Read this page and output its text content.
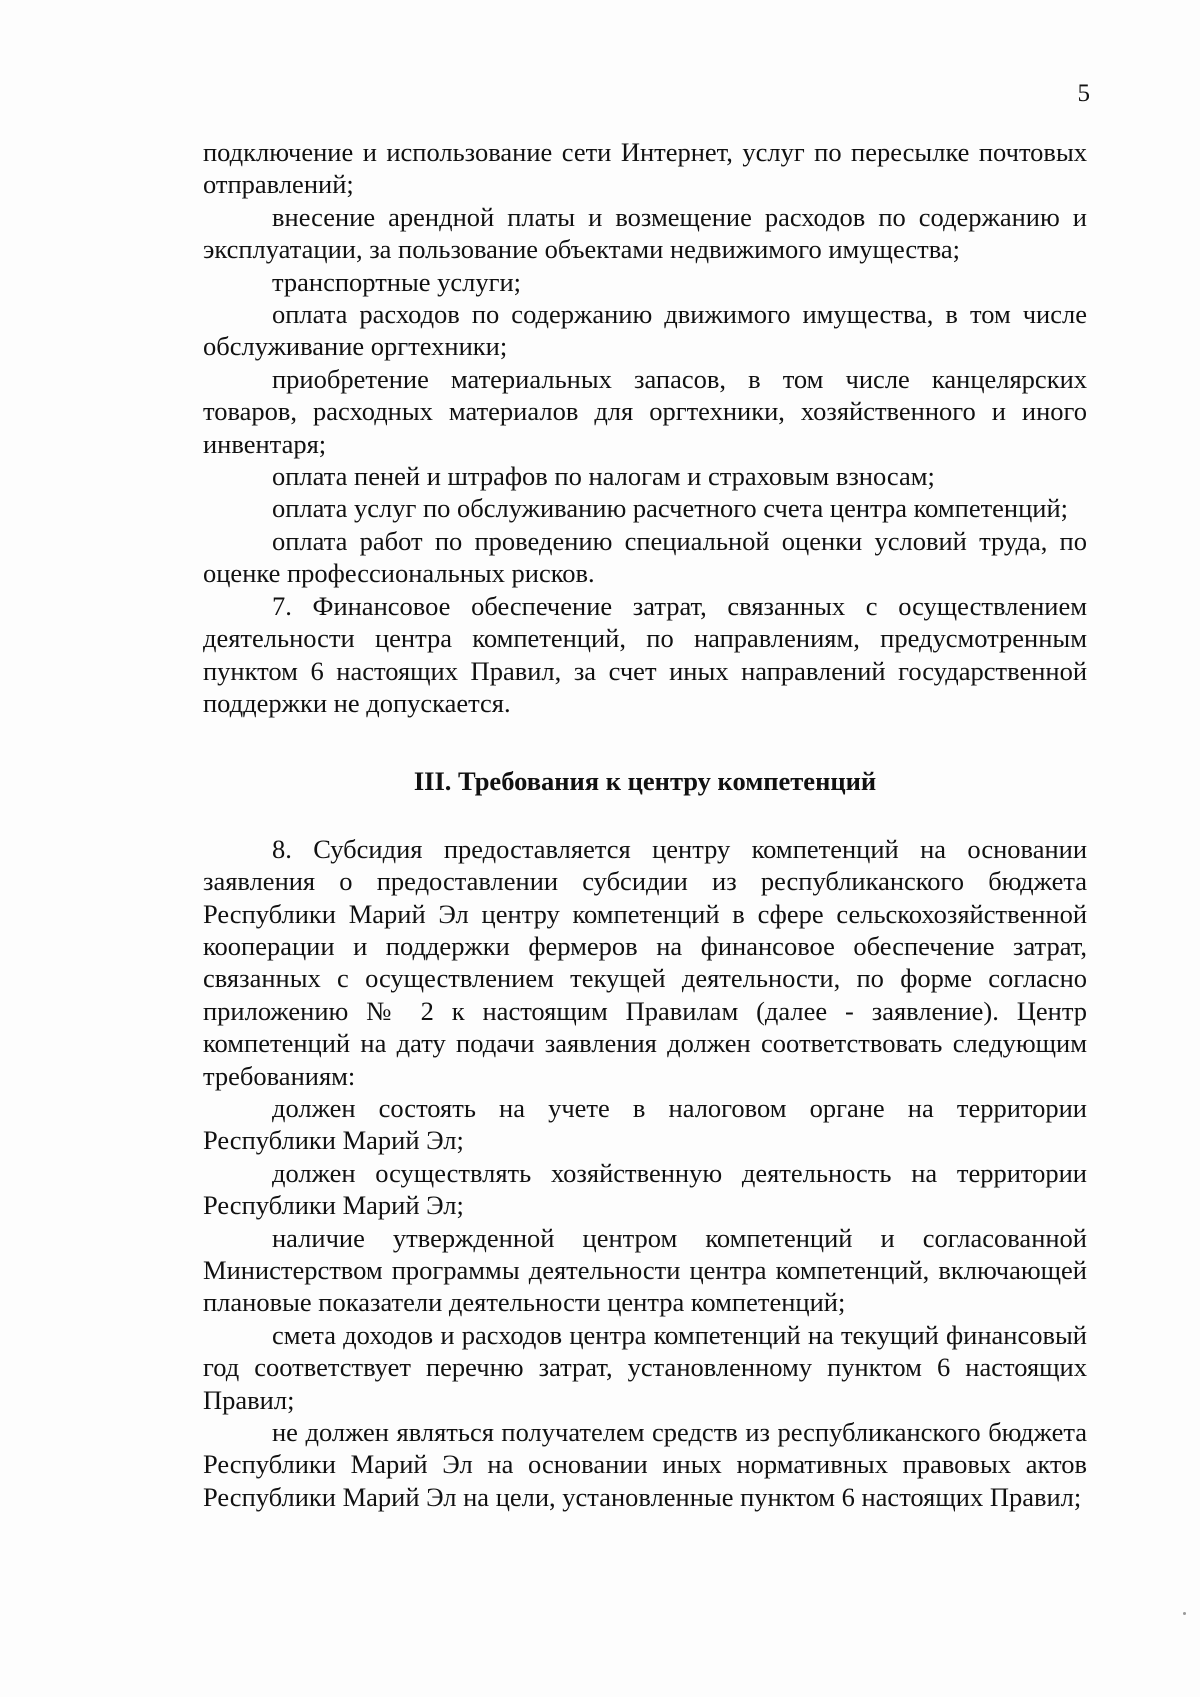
5

подключение и использование сети Интернет, услуг по пересылке почтовых отправлений;

внесение арендной платы и возмещение расходов по содержанию и эксплуатации, за пользование объектами недвижимого имущества;

транспортные услуги;

оплата расходов по содержанию движимого имущества, в том числе обслуживание оргтехники;

приобретение материальных запасов, в том числе канцелярских товаров, расходных материалов для оргтехники, хозяйственного и иного инвентаря;

оплата пеней и штрафов по налогам и страховым взносам;

оплата услуг по обслуживанию расчетного счета центра компетенций;

оплата работ по проведению специальной оценки условий труда, по оценке профессиональных рисков.

7. Финансовое обеспечение затрат, связанных с осуществлением деятельности центра компетенций, по направлениям, предусмотренным пунктом 6 настоящих Правил, за счет иных направлений государственной поддержки не допускается.

III. Требования к центру компетенций

8. Субсидия предоставляется центру компетенций на основании заявления о предоставлении субсидии из республиканского бюджета Республики Марий Эл центру компетенций в сфере сельскохозяйственной кооперации и поддержки фермеров на финансовое обеспечение затрат, связанных с осуществлением текущей деятельности, по форме согласно приложению № 2 к настоящим Правилам (далее - заявление). Центр компетенций на дату подачи заявления должен соответствовать следующим требованиям:

должен состоять на учете в налоговом органе на территории Республики Марий Эл;

должен осуществлять хозяйственную деятельность на территории Республики Марий Эл;

наличие утвержденной центром компетенций и согласованной Министерством программы деятельности центра компетенций, включающей плановые показатели деятельности центра компетенций;

смета доходов и расходов центра компетенций на текущий финансовый год соответствует перечню затрат, установленному пунктом 6 настоящих Правил;

не должен являться получателем средств из республиканского бюджета Республики Марий Эл на основании иных нормативных правовых актов Республики Марий Эл на цели, установленные пунктом 6 настоящих Правил;
